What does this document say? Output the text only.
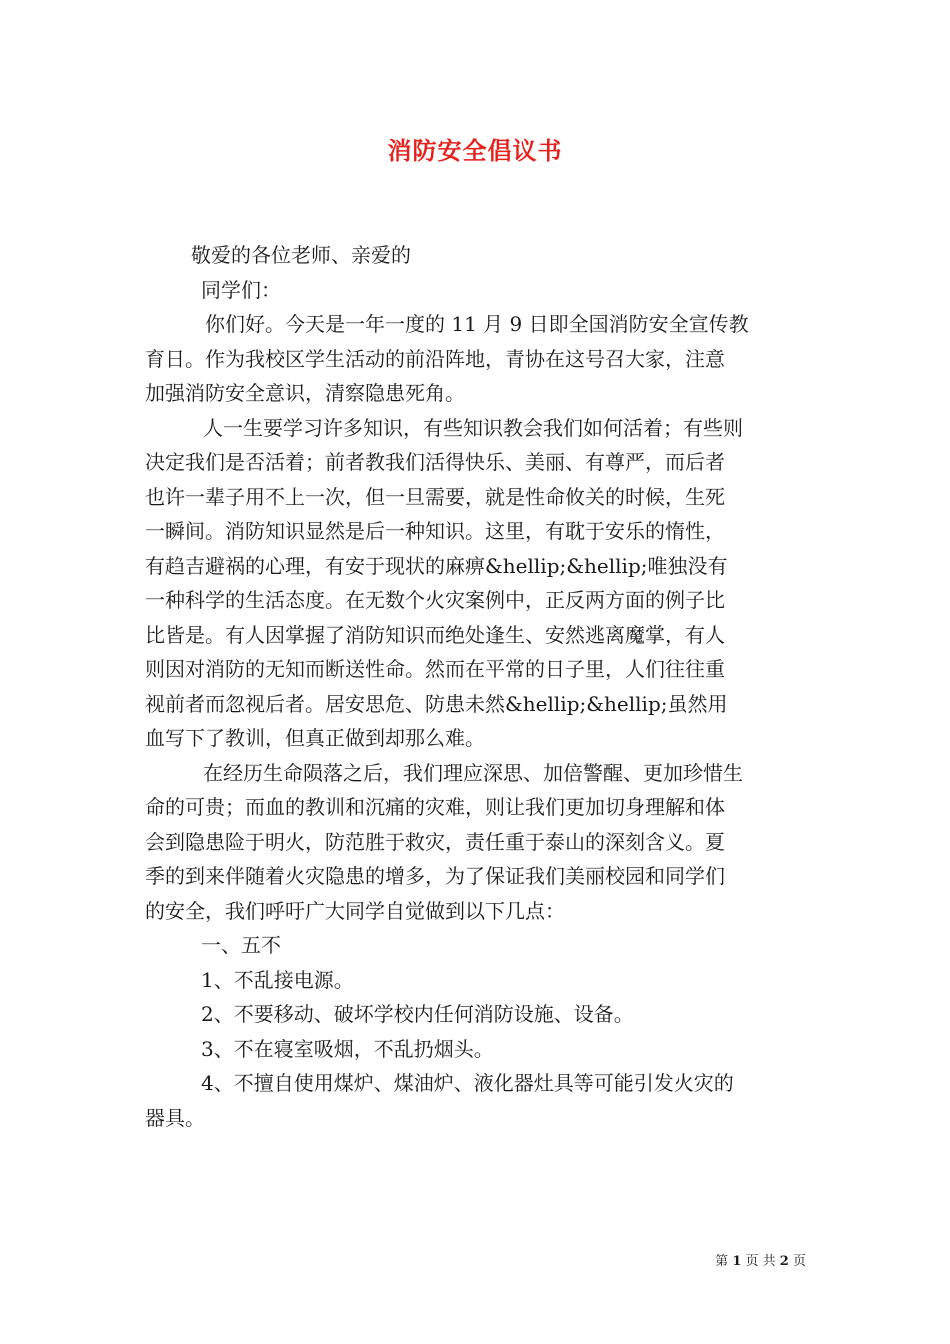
消防安全倡议书
敬爱的各位老师、亲爱的
同学们：
你们好。今天是一年一度的 11 月 9 日即全国消防安全宣传教
育日。作为我校区学生活动的前沿阵地，青协在这号召大家，注意
加强消防安全意识，清察隐患死角。
人一生要学习许多知识，有些知识教会我们如何活着；有些则
决定我们是否活着；前者教我们活得快乐、美丽、有尊严，而后者
也许一辈子用不上一次，但一旦需要，就是性命攸关的时候，生死
一瞬间。消防知识显然是后一种知识。这里，有耽于安乐的惰性，
有趋吉避祸的心理，有安于现状的麻痹&hellip;&hellip;唯独没有
一种科学的生活态度。在无数个火灾案例中，正反两方面的例子比
比皆是。有人因掌握了消防知识而绝处逢生、安然逃离魔掌，有人
则因对消防的无知而断送性命。然而在平常的日子里，人们往往重
视前者而忽视后者。居安思危、防患未然&hellip;&hellip;虽然用
血写下了教训，但真正做到却那么难。
在经历生命陨落之后，我们理应深思、加倍警醒、更加珍惜生
命的可贵；而血的教训和沉痛的灾难，则让我们更加切身理解和体
会到隐患险于明火，防范胜于救灾，责任重于泰山的深刻含义。夏
季的到来伴随着火灾隐患的增多，为了保证我们美丽校园和同学们
的安全，我们呼吁广大同学自觉做到以下几点：
一、五不
1、不乱接电源。
2、不要移动、破坏学校内任何消防设施、设备。
3、不在寝室吸烟，不乱扔烟头。
4、不擅自使用煤炉、煤油炉、液化器灶具等可能引发火灾的
器具。
第 1 页 共 2 页
